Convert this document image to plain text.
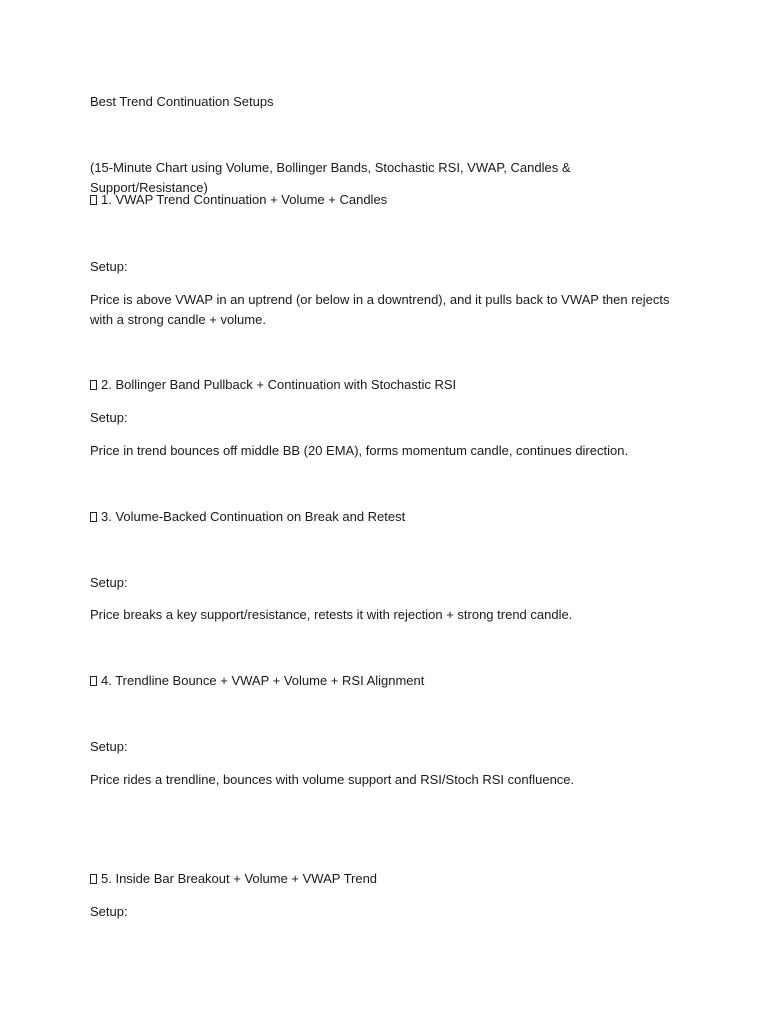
Best Trend Continuation Setups
(15-Minute Chart using Volume, Bollinger Bands, Stochastic RSI, VWAP, Candles & Support/Resistance)
1. VWAP Trend Continuation + Volume + Candles
Setup:
Price is above VWAP in an uptrend (or below in a downtrend), and it pulls back to VWAP then rejects with a strong candle + volume.
2. Bollinger Band Pullback + Continuation with Stochastic RSI
Setup:
Price in trend bounces off middle BB (20 EMA), forms momentum candle, continues direction.
3. Volume-Backed Continuation on Break and Retest
Setup:
Price breaks a key support/resistance, retests it with rejection + strong trend candle.
4. Trendline Bounce + VWAP + Volume + RSI Alignment
Setup:
Price rides a trendline, bounces with volume support and RSI/Stoch RSI confluence.
5. Inside Bar Breakout + Volume + VWAP Trend
Setup:
